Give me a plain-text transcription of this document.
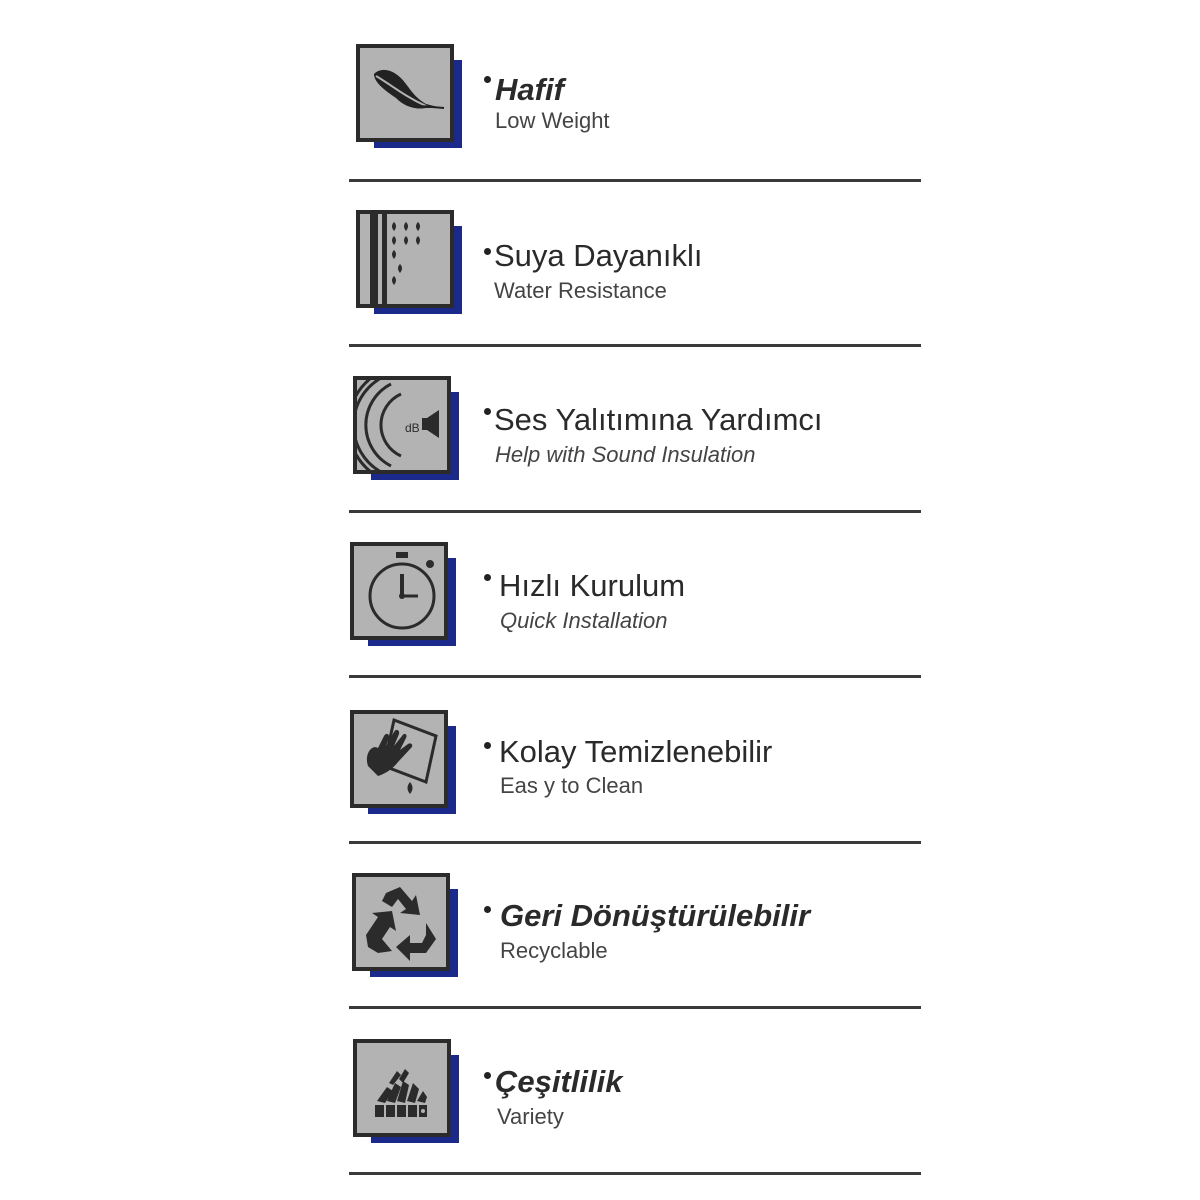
Hafif
Low Weight
Suya Dayanıklı
Water Resistance
dB Ses Yalıtımına Yardımcı
Help with Sound Insulation
Hızlı Kurulum
Quick Installation
Kolay Temizlenebilir
Eas y to Clean
Geri Dönüştürülebilir
Recyclable
Çeşitlilik
Variety
